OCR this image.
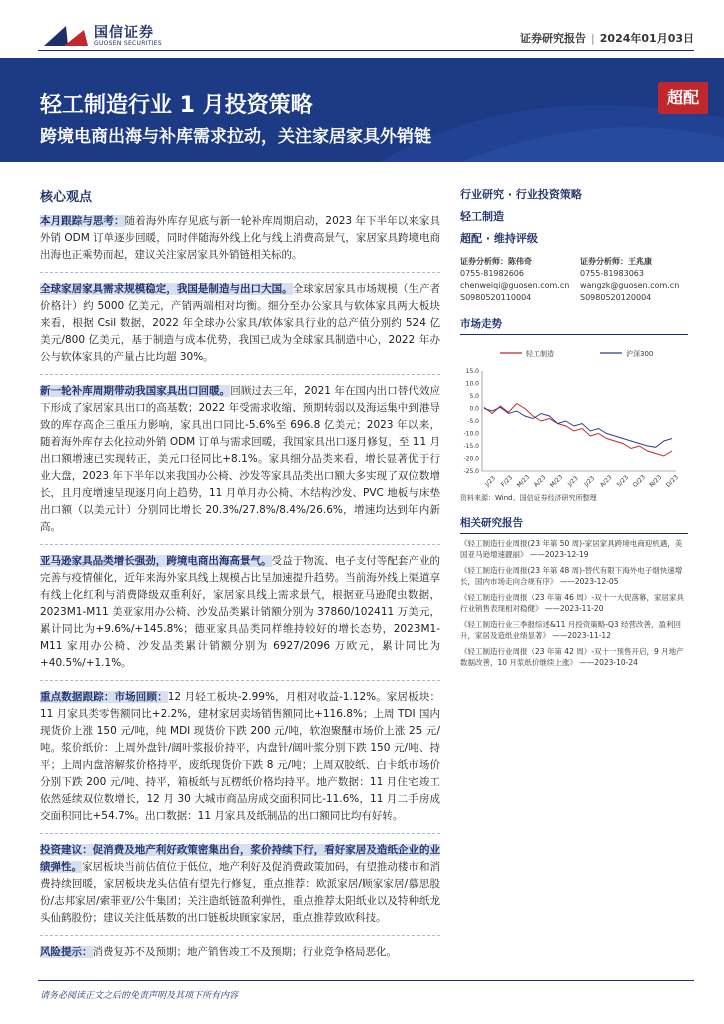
国信证券
GUOSEN SECURITIES	证券研究报告 | 2024年01月03日
轻工制造行业 1 月投资策略
跨境电商出海与补库需求拉动，关注家居家具外销链
超配
核心观点

本月跟踪与思考：随着海外库存见底与新一轮补库周期启动，2023 年下半年以来家具外销 ODM 订单逐步回暖，同时伴随海外线上化与线上消费高景气，家居家具跨境电商出海也正乘势而起，建议关注家居家具外销链相关标的。

全球家居家具需求规模稳定，我国是制造与出口大国。全球家居家具市场规模（生产者价格计）约 5000 亿美元，产销两端相对均衡。细分至办公家具与软体家具两大板块来看，根据 Csil 数据，2022 年全球办公家具/软体家具行业的总产值分别约 524 亿美元/800 亿美元，基于制造与成本优势，我国已成为全球家具制造中心，2022 年办公与软体家具的产量占比均超 30%。

新一轮补库周期带动我国家具出口回暖。回顾过去三年，2021 年在国内出口替代效应下形成了家居家具出口的高基数；2022 年受需求收缩、预期转弱以及海运集中到港导致的库存高企三重压力影响，家具出口同比-5.6%至 696.8 亿美元；2023 年以来，随着海外库存去化拉动外销 ODM 订单与需求回暖，我国家具出口逐月修复，至 11 月出口额增速已实现转正，美元口径同比+8.1%。家具细分品类来看，增长显著优于行业大盘，2023 年下半年以来我国办公椅、沙发等家具品类出口额大多实现了双位数增长，且月度增速呈现逐月向上趋势，11 月单月办公椅、木结构沙发、PVC 地板与床垫出口额（以美元计）分别同比增长 20.3%/27.8%/8.4%/26.6%，增速均达到年内新高。

亚马逊家具品类增长强劲，跨境电商出海高景气。受益于物流、电子支付等配套产业的完善与疫情催化，近年来海外家具线上规模占比呈加速提升趋势。当前海外线上渠道享有线上化红利与消费降级双重利好，家居家具线上需求景气，根据亚马逊爬虫数据，2023M1-M11 美亚家用办公椅、沙发品类累计销额分别为 37860/102411 万美元，累计同比为+9.6%/+145.8%；德亚家具品类同样维持较好的增长态势，2023M1-M11 家用办公椅、沙发品类累计销额分别为 6927/2096 万欧元，累计同比为+40.5%/+1.1%。

重点数据跟踪：市场回顾：12 月轻工板块-2.99%，月相对收益-1.12%。家居板块：11 月家具类零售额同比+2.2%，建材家居卖场销售额同比+116.8%；上周 TDI 国内现货价上涨 150 元/吨，纯 MDI 现货价下跌 200 元/吨，软泡聚醚市场价上涨 25 元/吨。浆价纸价：上周外盘针/阔叶浆报价持平，内盘针/阔叶浆分别下跌 150 元/吨、持平；上周内盘溶解浆价格持平，废纸现货价下跌 8 元/吨；上周双胶纸、白卡纸市场价分别下跌 200 元/吨、持平，箱板纸与瓦楞纸价格均持平。地产数据：11 月住宅竣工依然延续双位数增长，12 月 30 大城市商品房成交面积同比-11.6%，11 月二手房成交面积同比+54.7%。出口数据：11 月家具及纸制品的出口额同比均有好转。

投资建议：促消费及地产利好政策密集出台，浆价持续下行，看好家居及造纸企业的业绩弹性。家居板块当前估值位于低位，地产利好及促消费政策加码，有望推动楼市和消费持续回暖，家居板块龙头估值有望先行修复，重点推荐：欧派家居/顾家家居/慕思股份/志邦家居/索菲亚/公牛集团；关注造纸链盈利弹性，重点推荐太阳纸业以及特种纸龙头仙鹤股份；建议关注低基数的出口链板块顾家家居，重点推荐致欧科技。

风险提示：消费复苏不及预期；地产销售竣工不及预期；行业竞争格局恶化。

行业研究 · 行业投资策略
轻工制造
超配 · 维持评级
证券分析师：陈伟奇
0755-81982606
chenweiqi@guosen.com.cn
S0980520110004
证券分析师：王兆康
0755-81983063
wangzk@guosen.com.cn
S0980520120004
市场走势
轻工制造	沪深300
15.0
10.0
5.0
0.0
-5.0
-10.0
-15.0
-20.0
-25.0
J/23 F/23 M/23 A/23 M/23 J/23 J/23 A/23 S/23 O/23 N/23 D/23
资料来源：Wind、国信证券经济研究所整理
相关研究报告
《轻工制造行业周报(23 年第 50 周)-家居家具跨境电商迎机遇，美国亚马逊增速靓丽》 ——2023-12-19
《轻工制造行业周报(23 年第 48 周)-替代有限下海外电子烟快速增长，国内市场走向合规有序》 ——2023-12-05
《轻工制造行业周报（23 年第 46 周）-双十一大促落幕，家居家具行业销售表现相对稳健》 ——2023-11-20
《轻工制造行业三季报综述&11 月投资策略-Q3 经营改善，盈利回升，家居及造纸业绩显著》 ——2023-11-12
《轻工制造行业周报（23 年第 42 周）-双十一预售开启，9 月地产数据改善，10 月浆纸价继续上涨》 ——2023-10-24
请务必阅读正文之后的免责声明及其项下所有内容
